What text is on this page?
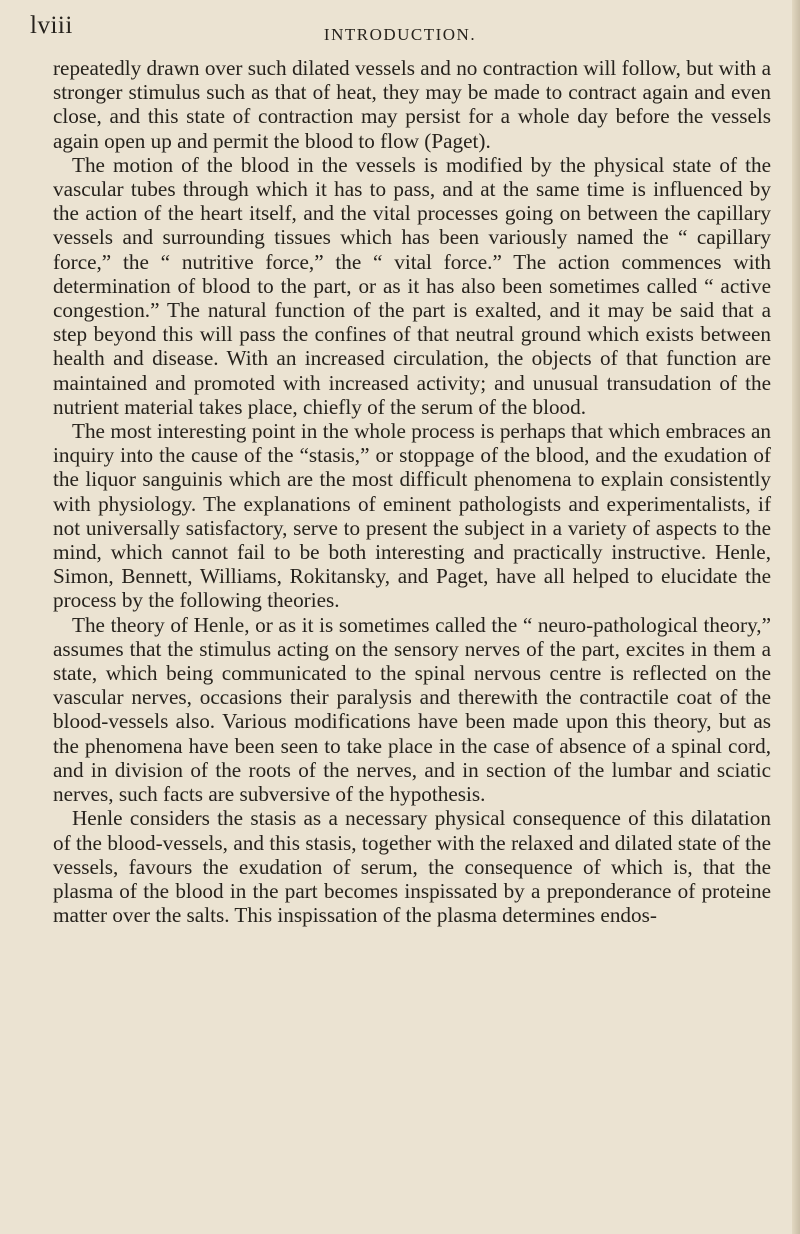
lviii	INTRODUCTION.

repeatedly drawn over such dilated vessels and no contraction will follow, but with a stronger stimulus such as that of heat, they may be made to contract again and even close, and this state of contraction may persist for a whole day before the vessels again open up and permit the blood to flow (Paget).

The motion of the blood in the vessels is modified by the physical state of the vascular tubes through which it has to pass, and at the same time is influenced by the action of the heart itself, and the vital processes going on between the capillary vessels and surrounding tissues which has been variously named the “ capillary force,” the “ nutritive force,” the “ vital force.” The action commences with determination of blood to the part, or as it has also been sometimes called “ active congestion.” The natural function of the part is exalted, and it may be said that a step beyond this will pass the confines of that neutral ground which exists between health and disease. With an increased circulation, the objects of that function are maintained and promoted with increased activity; and unusual transudation of the nutrient material takes place, chiefly of the serum of the blood.

The most interesting point in the whole process is perhaps that which embraces an inquiry into the cause of the “stasis,” or stoppage of the blood, and the exudation of the liquor sanguinis which are the most difficult phenomena to explain consistently with physiology. The explanations of eminent pathologists and experimentalists, if not universally satisfactory, serve to present the subject in a variety of aspects to the mind, which cannot fail to be both interesting and practically instructive. Henle, Simon, Bennett, Williams, Rokitansky, and Paget, have all helped to elucidate the process by the following theories.

The theory of Henle, or as it is sometimes called the “ neuro-pathological theory,” assumes that the stimulus acting on the sensory nerves of the part, excites in them a state, which being communicated to the spinal nervous centre is reflected on the vascular nerves, occasions their paralysis and therewith the contractile coat of the blood-vessels also. Various modifications have been made upon this theory, but as the phenomena have been seen to take place in the case of absence of a spinal cord, and in division of the roots of the nerves, and in section of the lumbar and sciatic nerves, such facts are subversive of the hypothesis.

Henle considers the stasis as a necessary physical consequence of this dilatation of the blood-vessels, and this stasis, together with the relaxed and dilated state of the vessels, favours the exudation of serum, the consequence of which is, that the plasma of the blood in the part becomes inspissated by a preponderance of proteine matter over the salts. This inspissation of the plasma determines endos-
